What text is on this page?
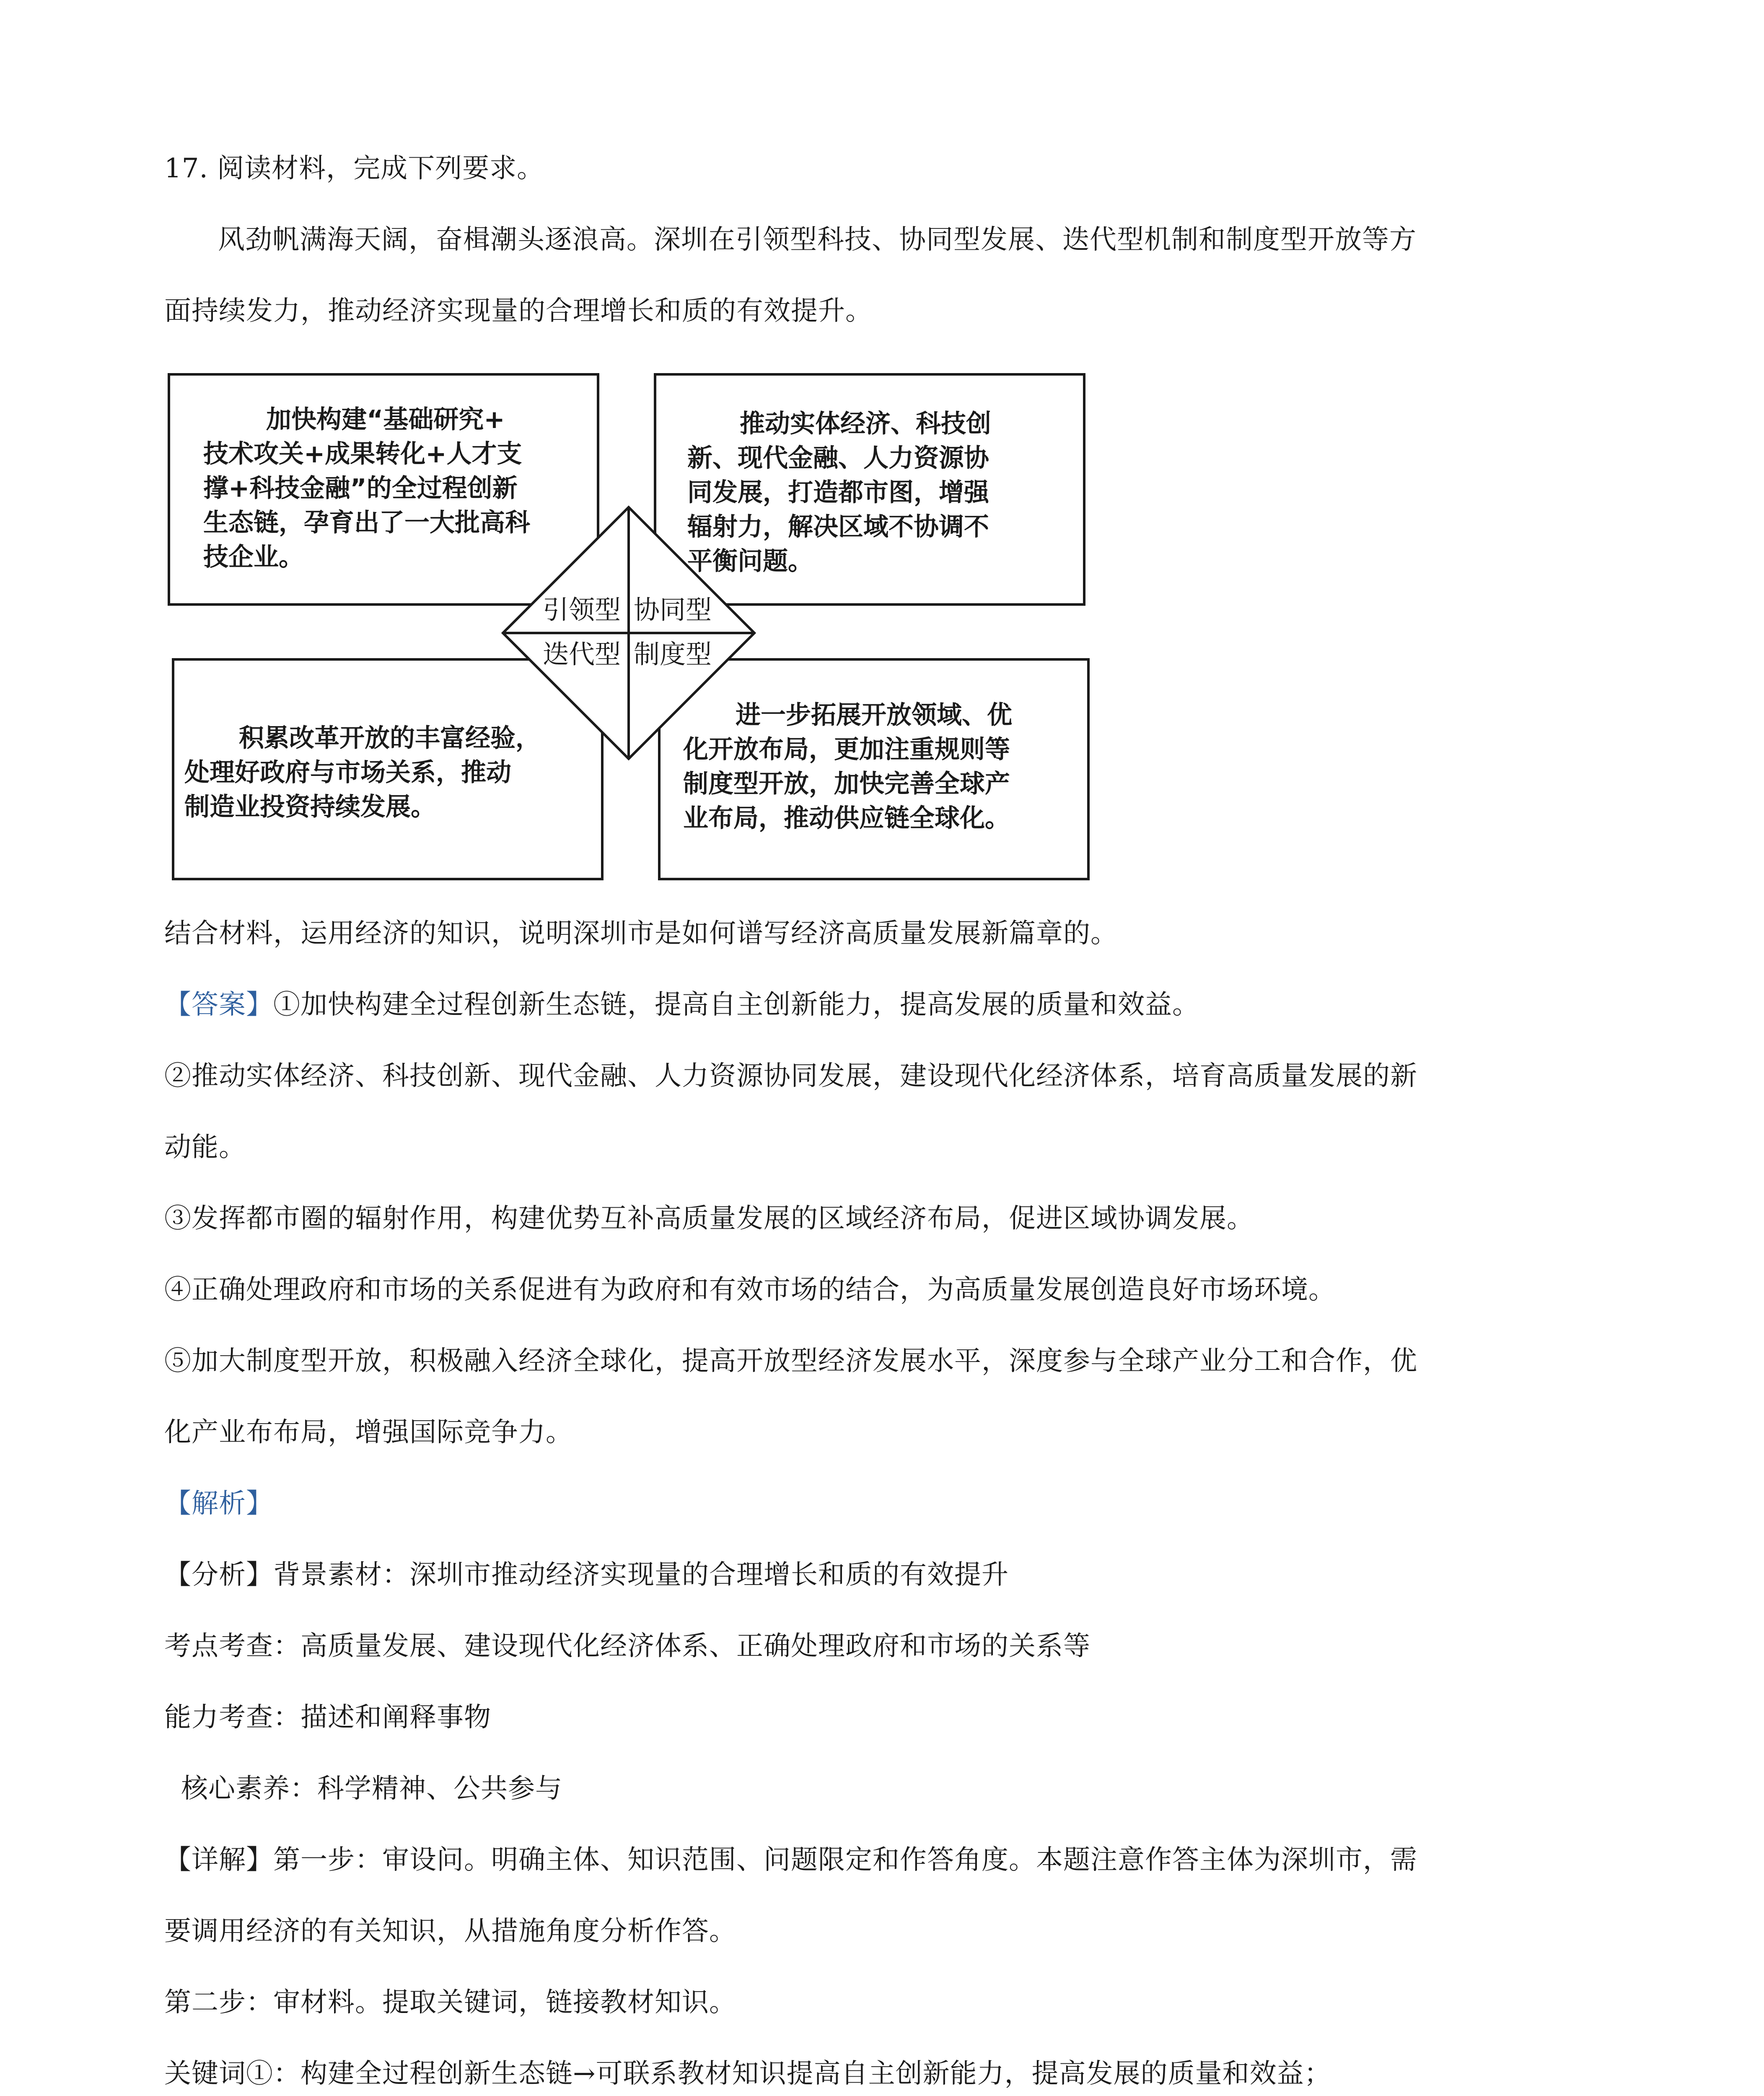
17. 阅读材料，完成下列要求。
风劲帆满海天阔，奋楫潮头逐浪高。深圳在引领型科技、协同型发展、迭代型机制和制度型开放等方
面持续发力，推动经济实现量的合理增长和质的有效提升。
加快构建“基础研究+
技术攻关+成果转化+人才支
撑+科技金融”的全过程创新
生态链，孕育出了一大批高科
技企业。
推动实体经济、科技创
新、现代金融、人力资源协
同发展，打造都市图，增强
辐射力，解决区域不协调不
平衡问题。
积累改革开放的丰富经验，
处理好政府与市场关系，推动
制造业投资持续发展。
进一步拓展开放领域、优
化开放布局，更加注重规则等
制度型开放，加快完善全球产
业布局，推动供应链全球化。
引领型 协同型
迭代型 制度型
结合材料，运用经济的知识，说明深圳市是如何谱写经济高质量发展新篇章的。
【答案】①加快构建全过程创新生态链，提高自主创新能力，提高发展的质量和效益。
②推动实体经济、科技创新、现代金融、人力资源协同发展，建设现代化经济体系，培育高质量发展的新
动能。
③发挥都市圈的辐射作用，构建优势互补高质量发展的区域经济布局，促进区域协调发展。
④正确处理政府和市场的关系促进有为政府和有效市场的结合，为高质量发展创造良好市场环境。
⑤加大制度型开放，积极融入经济全球化，提高开放型经济发展水平，深度参与全球产业分工和合作，优
化产业布布局，增强国际竞争力。
【解析】
【分析】背景素材：深圳市推动经济实现量的合理增长和质的有效提升
考点考查：高质量发展、建设现代化经济体系、正确处理政府和市场的关系等
能力考查：描述和阐释事物
核心素养：科学精神、公共参与
【详解】第一步：审设问。明确主体、知识范围、问题限定和作答角度。本题注意作答主体为深圳市，需
要调用经济的有关知识，从措施角度分析作答。
第二步：审材料。提取关键词，链接教材知识。
关键词①：构建全过程创新生态链→可联系教材知识提高自主创新能力，提高发展的质量和效益；
